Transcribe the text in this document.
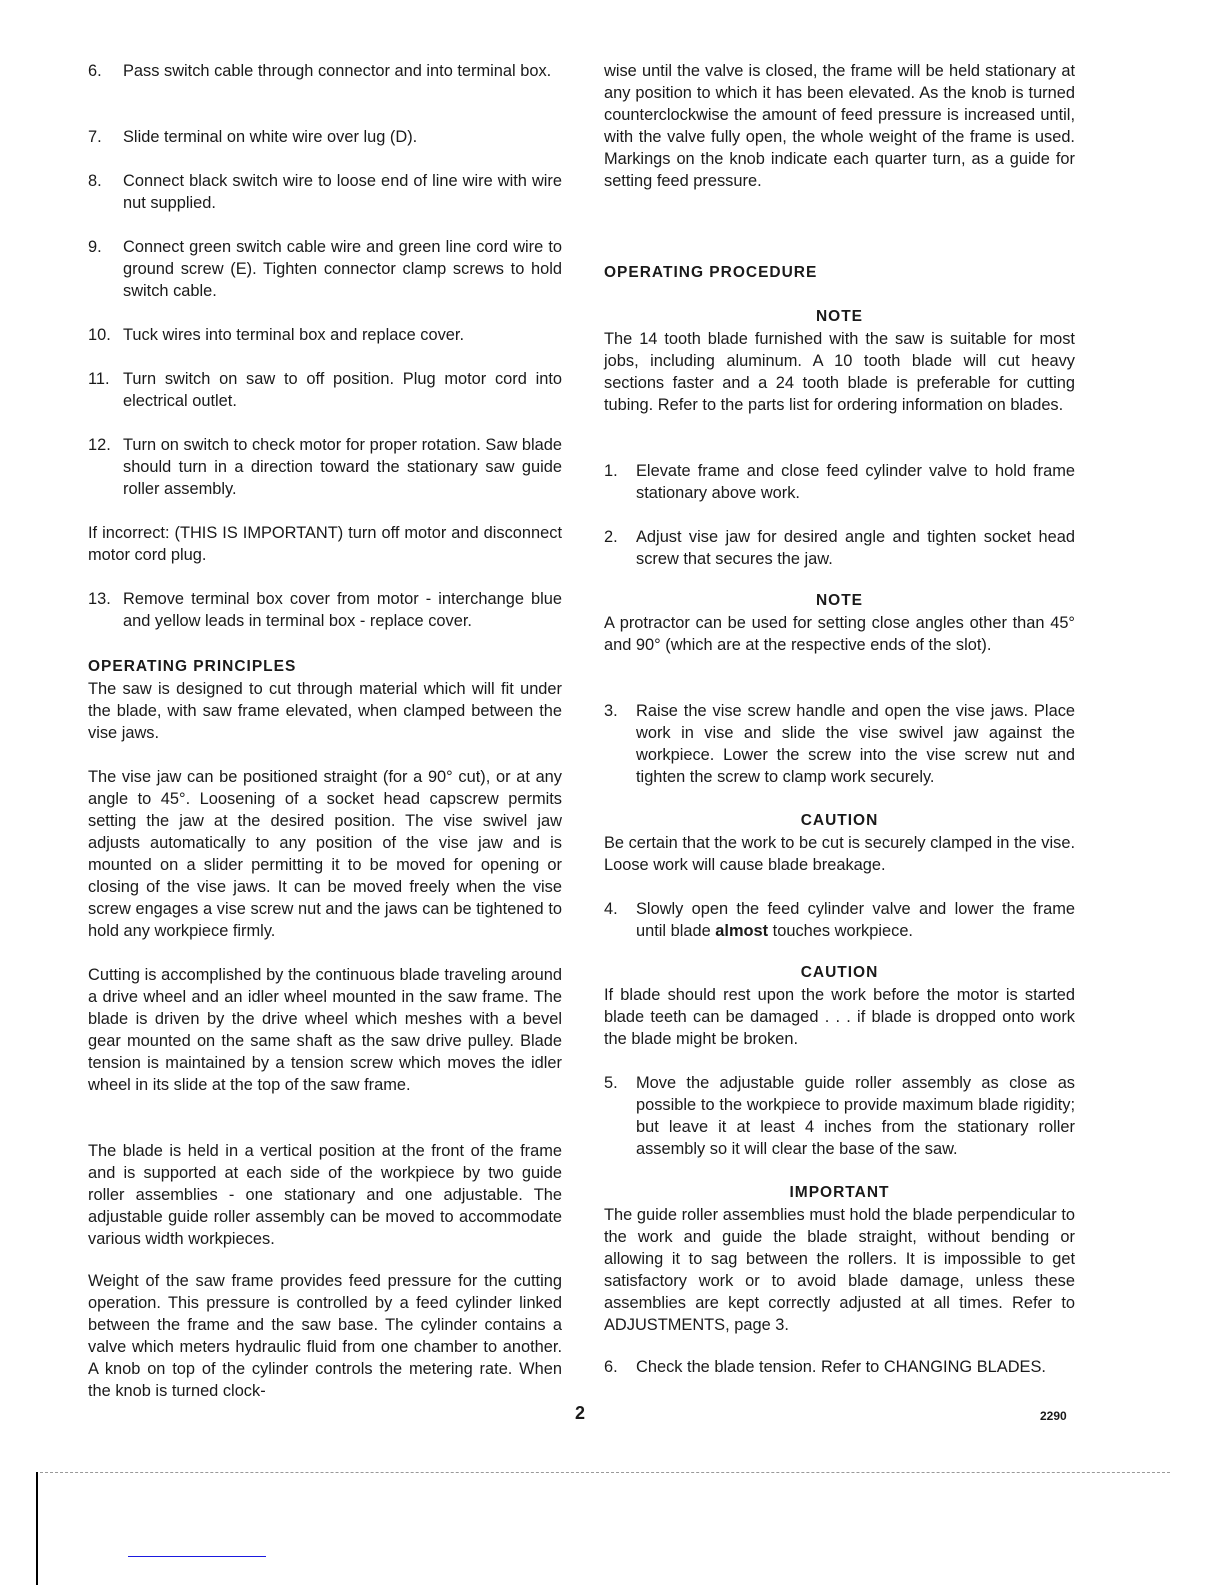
6. Pass switch cable through connector and into terminal box.
7. Slide terminal on white wire over lug (D).
8. Connect black switch wire to loose end of line wire with wire nut supplied.
9. Connect green switch cable wire and green line cord wire to ground screw (E). Tighten connector clamp screws to hold switch cable.
10. Tuck wires into terminal box and replace cover.
11. Turn switch on saw to off position. Plug motor cord into electrical outlet.
12. Turn on switch to check motor for proper rotation. Saw blade should turn in a direction toward the stationary saw guide roller assembly.
If incorrect: (THIS IS IMPORTANT) turn off motor and disconnect motor cord plug.
13. Remove terminal box cover from motor - interchange blue and yellow leads in terminal box - replace cover.
OPERATING PRINCIPLES
The saw is designed to cut through material which will fit under the blade, with saw frame elevated, when clamped between the vise jaws.
The vise jaw can be positioned straight (for a 90° cut), or at any angle to 45°. Loosening of a socket head capscrew permits setting the jaw at the desired position. The vise swivel jaw adjusts automatically to any position of the vise jaw and is mounted on a slider permitting it to be moved for opening or closing of the vise jaws. It can be moved freely when the vise screw engages a vise screw nut and the jaws can be tightened to hold any workpiece firmly.
Cutting is accomplished by the continuous blade traveling around a drive wheel and an idler wheel mounted in the saw frame. The blade is driven by the drive wheel which meshes with a bevel gear mounted on the same shaft as the saw drive pulley. Blade tension is maintained by a tension screw which moves the idler wheel in its slide at the top of the saw frame.
The blade is held in a vertical position at the front of the frame and is supported at each side of the workpiece by two guide roller assemblies - one stationary and one adjustable. The adjustable guide roller assembly can be moved to accommodate various width workpieces.
Weight of the saw frame provides feed pressure for the cutting operation. This pressure is controlled by a feed cylinder linked between the frame and the saw base. The cylinder contains a valve which meters hydraulic fluid from one chamber to another. A knob on top of the cylinder controls the metering rate. When the knob is turned clock-
wise until the valve is closed, the frame will be held stationary at any position to which it has been elevated. As the knob is turned counterclockwise the amount of feed pressure is increased until, with the valve fully open, the whole weight of the frame is used. Markings on the knob indicate each quarter turn, as a guide for setting feed pressure.
OPERATING PROCEDURE
NOTE
The 14 tooth blade furnished with the saw is suitable for most jobs, including aluminum. A 10 tooth blade will cut heavy sections faster and a 24 tooth blade is preferable for cutting tubing. Refer to the parts list for ordering information on blades.
1. Elevate frame and close feed cylinder valve to hold frame stationary above work.
2. Adjust vise jaw for desired angle and tighten socket head screw that secures the jaw.
NOTE
A protractor can be used for setting close angles other than 45° and 90° (which are at the respective ends of the slot).
3. Raise the vise screw handle and open the vise jaws. Place work in vise and slide the vise swivel jaw against the workpiece. Lower the screw into the vise screw nut and tighten the screw to clamp work securely.
CAUTION
Be certain that the work to be cut is securely clamped in the vise. Loose work will cause blade breakage.
4. Slowly open the feed cylinder valve and lower the frame until blade almost touches workpiece.
CAUTION
If blade should rest upon the work before the motor is started blade teeth can be damaged . . . if blade is dropped onto work the blade might be broken.
5. Move the adjustable guide roller assembly as close as possible to the workpiece to provide maximum blade rigidity; but leave it at least 4 inches from the stationary roller assembly so it will clear the base of the saw.
IMPORTANT
The guide roller assemblies must hold the blade perpendicular to the work and guide the blade straight, without bending or allowing it to sag between the rollers. It is impossible to get satisfactory work or to avoid blade damage, unless these assemblies are kept correctly adjusted at all times. Refer to ADJUSTMENTS, page 3.
6. Check the blade tension. Refer to CHANGING BLADES.
2	2290
